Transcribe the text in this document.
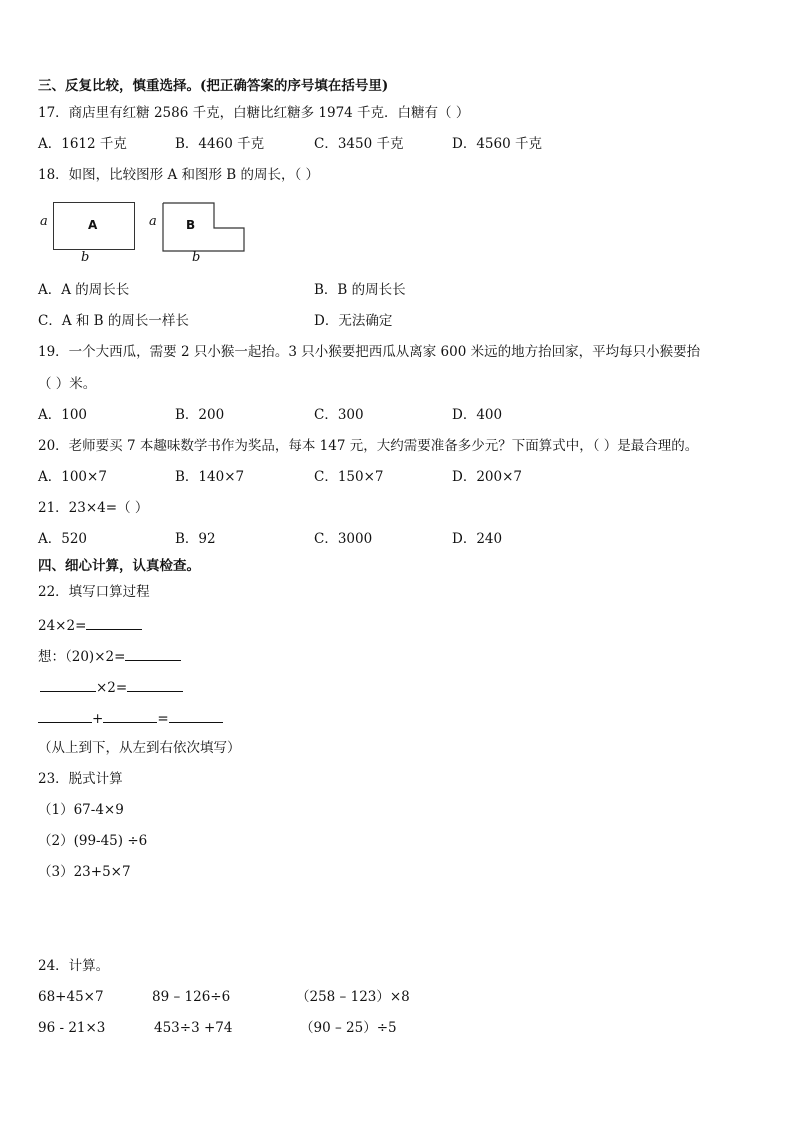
三、反复比较，慎重选择。(把正确答案的序号填在括号里)
17．商店里有红糖 2586 千克，白糖比红糖多 1974 千克．白糖有（ ）
A．1612 千克	B．4460 千克	C．3450 千克	D．4560 千克
18．如图，比较图形 A 和图形 B 的周长，（ ）
a	A
b
a B
b
A．A 的周长长	B．B 的周长长
C．A 和 B 的周长一样长	D．无法确定
19．一个大西瓜，需要 2 只小猴一起抬。3 只小猴要把西瓜从离家 600 米远的地方抬回家，平均每只小猴要抬
（ ）米。
A．100	B．200	C．300	D．400
20．老师要买 7 本趣味数学书作为奖品，每本 147 元，大约需要准备多少元？下面算式中，（ ）是最合理的。
A．100×7	B．140×7	C．150×7	D．200×7
21．23×4=（ ）
A．520	B．92	C．3000	D．240
四、细心计算，认真检查。
22．填写口算过程
24×2=
想：（20)×2=
×2=
+	=
（从上到下，从左到右依次填写）
23．脱式计算
（1）67-4×9
（2）(99-45) ÷6
（3）23+5×7
24．计算。
68+45×7	89 – 126÷6	（258 – 123）×8
96 - 21×3	453÷3 +74	（90 – 25）÷5
